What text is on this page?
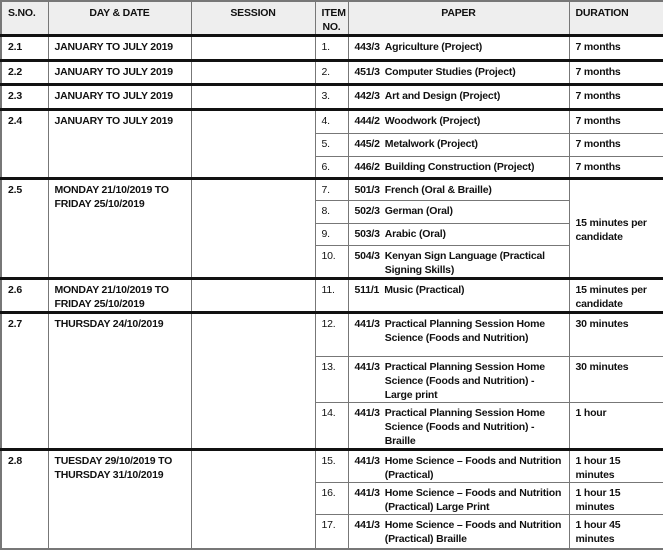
S.NO.	DAY & DATE	SESSION	ITEM NO.	PAPER	DURATION
2.1	JANUARY TO JULY 2019		1.	443/3 Agriculture (Project)	7 months
2.2	JANUARY TO JULY 2019		2.	451/3 Computer Studies (Project)	7 months
2.3	JANUARY TO JULY 2019		3.	442/3 Art and Design (Project)	7 months
2.4	JANUARY TO JULY 2019		4.	444/2 Woodwork (Project)	7 months
			5.	445/2 Metalwork (Project)	7 months
			6.	446/2 Building Construction (Project)	7 months
2.5	MONDAY 21/10/2019 TO FRIDAY 25/10/2019		7.	501/3 French (Oral & Braille)	15 minutes per candidate
			8.	502/3 German (Oral)	

			9.	503/3 Arabic (Oral)	

			10.	504/3 Kenyan Sign Language (Practical Signing Skills)	

2.6	MONDAY 21/10/2019 TO FRIDAY 25/10/2019		11.	511/1 Music (Practical)	15 minutes per candidate
2.7	THURSDAY 24/10/2019		12.	441/3 Practical Planning Session Home Science (Foods and Nutrition)	30 minutes
			13.	441/3 Practical Planning Session Home Science (Foods and Nutrition) - Large print	30 minutes
			14.	441/3 Practical Planning Session Home Science (Foods and Nutrition) - Braille	1 hour
2.8	TUESDAY 29/10/2019 TO THURSDAY 31/10/2019		15.	441/3 Home Science – Foods and Nutrition (Practical)	1 hour 15 minutes
			16.	441/3 Home Science – Foods and Nutrition (Practical) Large Print	1 hour 15 minutes
			17.	441/3 Home Science – Foods and Nutrition (Practical) Braille	1 hour 45 minutes
